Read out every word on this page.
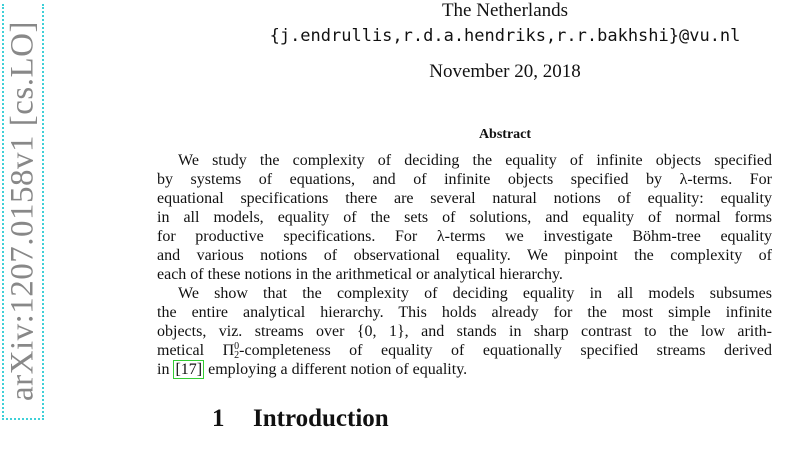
arXiv:1207.0158v1 [cs.LO]
The Netherlands
{j.endrullis,r.d.a.hendriks,r.r.bakhshi}@vu.nl
November 20, 2018
Abstract
We study the complexity of deciding the equality of infinite objects specified
by systems of equations, and of infinite objects specified by λ-terms. For
equational specifications there are several natural notions of equality: equality
in all models, equality of the sets of solutions, and equality of normal forms
for productive specifications. For λ-terms we investigate Böhm-tree equality
and various notions of observational equality. We pinpoint the complexity of
each of these notions in the arithmetical or analytical hierarchy.
We show that the complexity of deciding equality in all models subsumes
the entire analytical hierarchy. This holds already for the most simple infinite
objects, viz. streams over {0, 1}, and stands in sharp contrast to the low arith-
metical Π 0
2 -completeness of equality of equationally specified streams derived
in [17] employing a different notion of equality.
1 Introduction
